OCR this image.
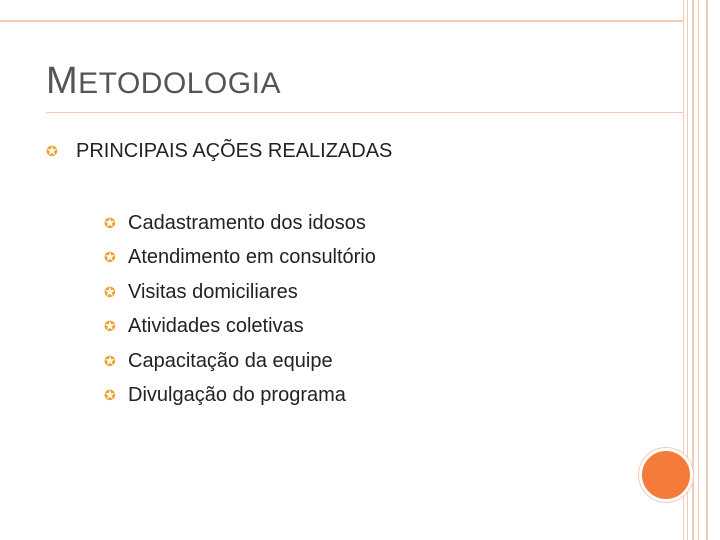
METODOLOGIA
✪ PRINCIPAIS AÇÕES REALIZADAS
✪ Cadastramento dos idosos
✪ Atendimento em consultório
✪ Visitas domiciliares
✪ Atividades coletivas
✪ Capacitação da equipe
✪ Divulgação do programa
